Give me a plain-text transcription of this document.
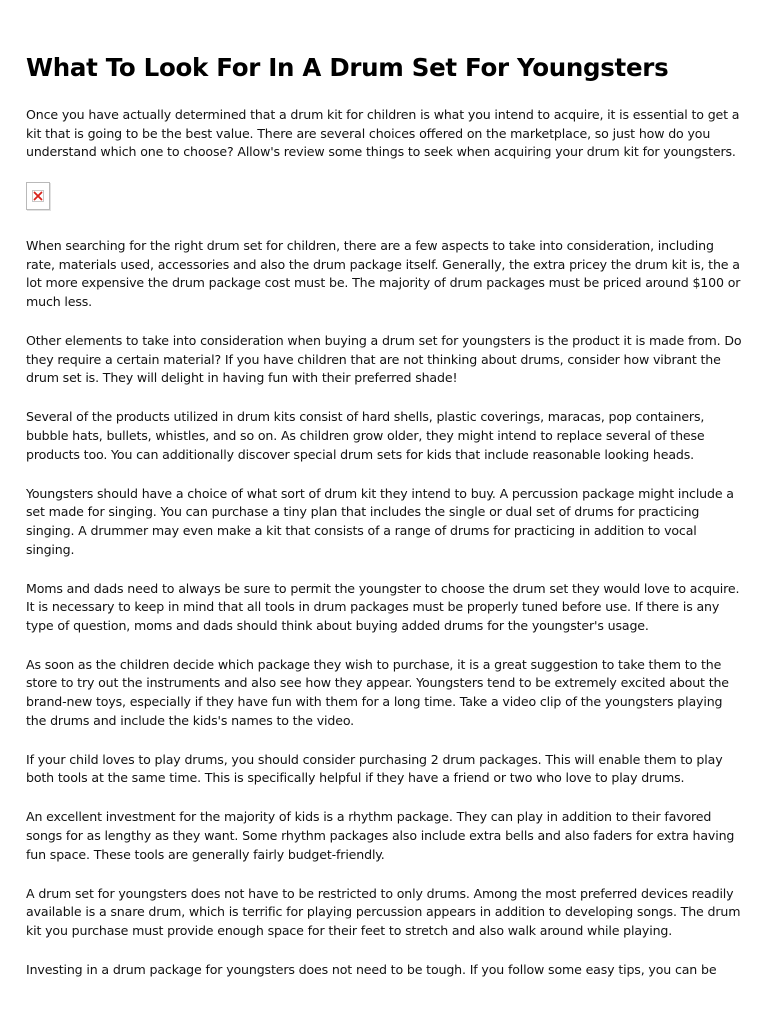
What To Look For In A Drum Set For Youngsters

Once you have actually determined that a drum kit for children is what you intend to acquire, it is essential to get a kit that is going to be the best value. There are several choices offered on the marketplace, so just how do you understand which one to choose? Allow's review some things to seek when acquiring your drum kit for youngsters.

When searching for the right drum set for children, there are a few aspects to take into consideration, including rate, materials used, accessories and also the drum package itself. Generally, the extra pricey the drum kit is, the a lot more expensive the drum package cost must be. The majority of drum packages must be priced around $100 or much less.

Other elements to take into consideration when buying a drum set for youngsters is the product it is made from. Do they require a certain material? If you have children that are not thinking about drums, consider how vibrant the drum set is. They will delight in having fun with their preferred shade!

Several of the products utilized in drum kits consist of hard shells, plastic coverings, maracas, pop containers, bubble hats, bullets, whistles, and so on. As children grow older, they might intend to replace several of these products too. You can additionally discover special drum sets for kids that include reasonable looking heads.

Youngsters should have a choice of what sort of drum kit they intend to buy. A percussion package might include a set made for singing. You can purchase a tiny plan that includes the single or dual set of drums for practicing singing. A drummer may even make a kit that consists of a range of drums for practicing in addition to vocal singing.

Moms and dads need to always be sure to permit the youngster to choose the drum set they would love to acquire. It is necessary to keep in mind that all tools in drum packages must be properly tuned before use. If there is any type of question, moms and dads should think about buying added drums for the youngster's usage.

As soon as the children decide which package they wish to purchase, it is a great suggestion to take them to the store to try out the instruments and also see how they appear. Youngsters tend to be extremely excited about the brand-new toys, especially if they have fun with them for a long time. Take a video clip of the youngsters playing the drums and include the kids's names to the video.

If your child loves to play drums, you should consider purchasing 2 drum packages. This will enable them to play both tools at the same time. This is specifically helpful if they have a friend or two who love to play drums.

An excellent investment for the majority of kids is a rhythm package. They can play in addition to their favored songs for as lengthy as they want. Some rhythm packages also include extra bells and also faders for extra having fun space. These tools are generally fairly budget-friendly.

A drum set for youngsters does not have to be restricted to only drums. Among the most preferred devices readily available is a snare drum, which is terrific for playing percussion appears in addition to developing songs. The drum kit you purchase must provide enough space for their feet to stretch and also walk around while playing.

Investing in a drum package for youngsters does not need to be tough. If you follow some easy tips, you can be
